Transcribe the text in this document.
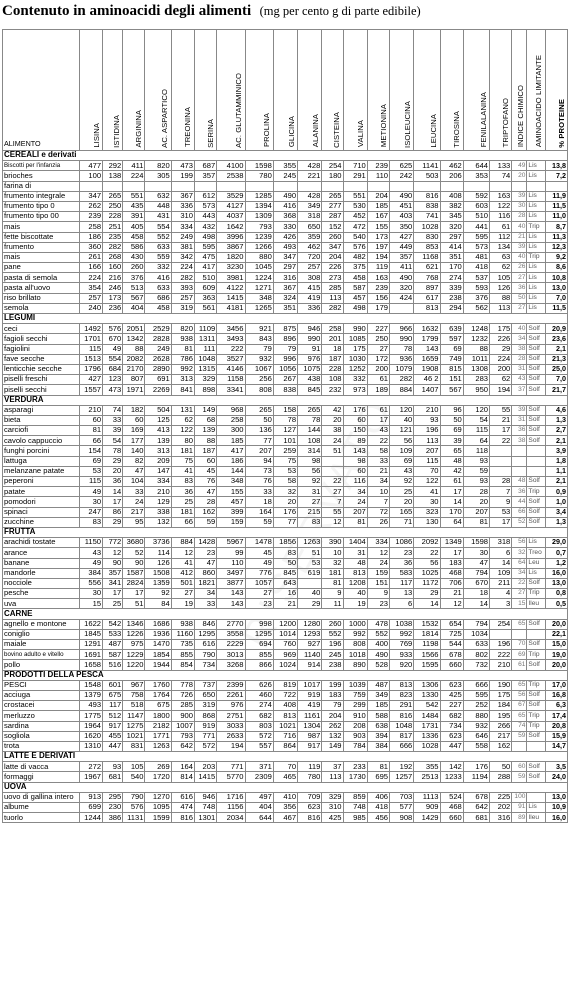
Contenuto in aminoacidi degli alimenti (mg per cento g di parte edibile)
ALIMENTO	LISINA	ISTIDINA	ARGININA	AC. ASPARTICO	TREONINA	SERINA	AC. GLUTAMMINICO	PROLINA	GLICINA	ALANINA	CISTEINA	VALINA	METIONINA	ISOLEUCINA	LEUCINA	TIROSINA	FENILALANINA	TRIPTOFANO	INDICE CHIMICO	AMINOACIDO LIMITANTE	% PROTEINE
CEREALI e derivati																					
Biscotti per l'infanzia	477	292	411	820	473	687	4100	1598	355	428	254	710	239	625	1141	462	644	133	49	Lis	13,8
brioches	100	138	224	305	199	357	2538	780	245	221	180	291	110	242	503	206	353	74	20	Lis	7,2
farina di																					
frumento integrale	347	265	551	632	367	612	3529	1285	490	428	265	551	204	490	816	408	592	163	39	Lis	11,9
frumento tipo 0	262	250	435	448	336	573	4127	1394	416	349	277	530	185	451	838	382	603	122	30	Lis	11,5
frumento tipo 00	239	228	391	431	310	443	4037	1309	368	318	287	452	167	403	741	345	510	116	28	Lis	11,0
mais	258	251	405	554	334	432	1642	793	330	650	152	472	155	350	1028	320	441	61	40	Trip	8,7
fette biscottate	186	235	458	552	249	498	3996	1239	426	359	260	540	173	427	830	297	595	112	21	Lis	11,3
frumento	360	282	586	633	381	595	3867	1266	493	462	347	576	197	449	853	414	573	134	39	Lis	12,3
mais	261	268	430	559	342	475	1820	880	347	720	204	482	194	357	1168	351	481	63	40	Trip	9,2
pane	166	160	260	332	224	417	3230	1045	297	257	226	375	119	411	621	170	418	62	26	Lis	8,6
pasta di semola	224	216	376	416	282	510	3981	1224	316	308	273	458	163	490	768	274	537	105	27	Lis	10,8
pasta all'uovo	354	246	513	633	393	609	4122	1271	367	415	285	587	239	320	897	339	593	126	36	Lis	13,0
riso brillato	257	173	567	686	257	363	1415	348	324	419	113	457	156	424	617	238	376	88	50	Lis	7,0
semola	240	236	404	458	319	561	4181	1265	351	336	282	498	179		813	294	562	113	27	Lis	11,5
LEGUMI																					
ceci	1492	576	2051	2529	820	1109	3456	921	875	946	258	990	227	966	1632	639	1248	175	40	Solf	20,9
fagioli secchi	1701	670	1342	2828	938	1311	3493	843	896	990	201	1085	250	990	1799	597	1232	226	34	Solf	23,6
fagiolini	115	49	88	249	81	111	222	79	79	91	18	175	27	78	143	69	88	29	38	Solf	2,1
fave secche	1513	554	2082	2628	786	1048	3527	932	996	976	187	1030	172	936	1659	749	1011	224	28	Solf	21,3
lenticchie secche	1796	684	2170	2890	992	1315	4146	1067	1056	1075	228	1252	200	1079	1908	815	1308	200	31	Solf	25,0
piselli freschi	427	123	807	691	313	329	1158	256	267	438	108	332	61	282	46 2	151	283	62	43	Solf	7,0
piselli secchi	1557	473	1971	2269	841	898	3341	808	838	845	232	973	189	884	1407	567	950	194	37	Solf	21,7
VERDURA																					
asparagi	210	74	182	504	131	149	968	265	158	265	42	176	61	120	210	96	120	55	39	Solf	4,6
bieta	60	33	60	125	62	68	258	50	78	78	20	60	17	40	93	50	54	21	31	Solf	1,3
carciofi	81	39	169	413	122	139	300	136	127	144	38	150	43	121	196	69	115	17	36	Solf	2,7
cavolo cappuccio	66	54	177	139	80	88	185	77	101	108	24	89	22	56	113	39	64	22	38	Solf	2,1
funghi porcini	154	78	140	313	181	187	417	207	259	314	51	143	58	109	207	65	118				3,9
lattuga	69	29	82	209	75	60	186	94	75	98		98	33	69	115	48	93				1,8
melanzane patate	53	20	47	147	41	45	144	73	53	56		60	21	43	70	42	59				1,1
peperoni	115	36	104	334	83	76	348	76	58	92	22	116	34	92	122	61	93	28	48	Solf	2,1
patate	49	14	33	210	36	47	155	33	32	31	27	34	10	25	41	17	28	7	36	Trip	0,9
pomodori	30	17	24	129	25	28	457	18	20	27	7	24	7	20	30	14	20	9	44	Solf	1,0
spinaci	247	86	217	338	181	162	399	164	176	215	55	207	72	165	323	170	207	53	66	Solf	3,4
zucchine	83	29	95	132	66	59	159	59	77	83	12	81	26	71	130	64	81	17	52	Solf	1,3
FRUTTA																					
arachidi tostate	1150	772	3680	3736	884	1428	5967	1478	1856	1263	390	1404	334	1086	2092	1349	1598	318	56	Lis	29,0
arance	43	12	52	114	12	23	99	45	83	51	10	31	12	23	22	17	30	6	32	Treo	0,7
banane	49	90	90	126	41	47	110	49	50	53	32	48	24	36	56	183	47	14	64	Leu	1,2
mandorle	384	357	1587	1508	412	860	3497	776	845	619	181	813	159	583	1025	468	794	109	34	Lis	16,0
nocciole	556	341	2824	1359	501	1821	3877	1057	643		81	1208	151	117	1172	706	670	211	22	Solf	13,0
pesche	30	17	17	92	27	34	143	27	16	40	9	40	9	13	29	21	18	4	27	Trip	0,8
uva	15	25	51	84	19	33	143	23	21	29	11	19	23	6	14	12	14	3	15	Ileu	0,5
CARNE																					
agnello e montone	1622	542	1346	1686	938	846	2770	998	1200	1280	260	1000	478	1038	1532	654	794	254	65	Solf	20,0
coniglio	1845	533	1226	1936	1160	1295	3558	1295	1014	1293	552	992	552	992	1814	725	1034				22,1
maiale	1291	487	975	1470	735	616	2229	694	760	927	196	808	400	769	1198	544	633	196	70	Solf	15,0
bovino adulto e vitello	1691	587	1229	1854	855	790	3013	855	969	1140	245	1018	490	933	1566	678	802	222	69	Trip	19,0
pollo	1658	516	1220	1944	854	734	3268	866	1024	914	238	890	528	920	1595	660	732	210	61	Solf	20,0
PRODOTTI DELLA PESCA																					
PESCI	1548	601	967	1760	778	737	2399	626	819	1017	199	1039	487	813	1306	623	666	190	65	Trip	17,0
acciuga	1379	675	758	1764	726	650	2261	460	722	919	183	759	349	823	1330	425	595	175	56	Solf	16,8
crostacei	493	117	518	675	285	319	976	274	408	419	79	299	185	291	542	227	252	184	67	Solf	6,3
merluzzo	1775	512	1147	1800	900	868	2751	682	813	1161	204	910	588	816	1484	682	880	195	65	Trip	17,4
sardina	1964	917	1275	2182	1007	919	3033	803	1021	1304	262	208	638	1048	1731	734	932	266	74	Trip	20,8
sogliola	1620	455	1021	1771	793	771	2633	572	716	987	132	903	394	817	1336	623	646	217	59	Solf	15,9
trota	1310	447	831	1263	642	572	194	557	864	917	149	784	384	666	1028	447	558	162			14,7
LATTE E DERIVATI																					
latte di vacca	272	93	105	269	164	203	771	371	70	119	37	233	81	192	355	142	176	50	60	Solf	3,5
formaggi	1967	681	540	1720	814	1415	5770	2309	465	780	113	1730	695	1257	2513	1233	1194	288	59	Solf	24,0
UOVA																					
uovo di gallina intero	913	295	790	1270	616	946	1716	497	410	709	329	859	406	703	1113	524	678	225	100		13,0
albume	699	230	576	1095	474	748	1156	404	356	623	310	748	418	577	909	468	642	202	91	Lis	10,9
tuorlo	1244	386	1131	1599	816	1301	2034	644	467	816	425	985	456	908	1429	660	681	316	89	Ileu	16,0
